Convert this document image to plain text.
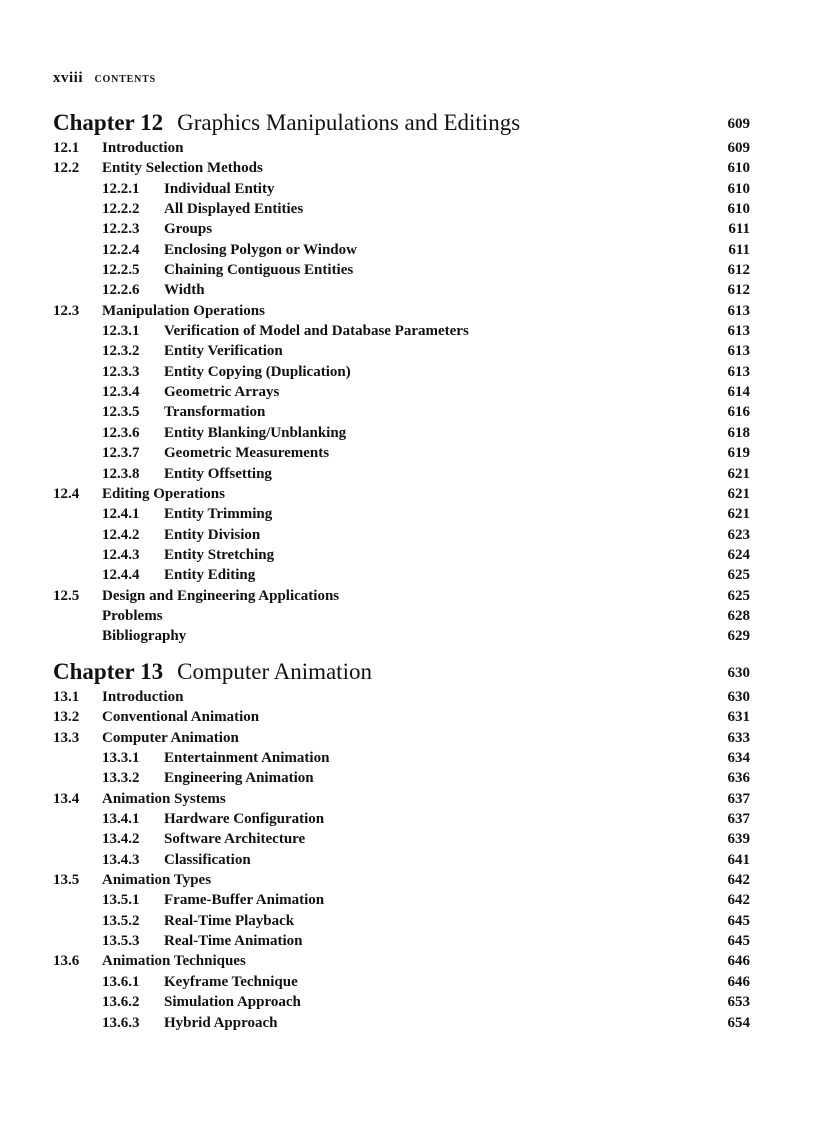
xviii CONTENTS
Chapter 12 Graphics Manipulations and Editings	609
12.1 Introduction	609
12.2 Entity Selection Methods	610
12.2.1 Individual Entity	610
12.2.2 All Displayed Entities	610
12.2.3 Groups	611
12.2.4 Enclosing Polygon or Window	611
12.2.5 Chaining Contiguous Entities	612
12.2.6 Width	612
12.3 Manipulation Operations	613
12.3.1 Verification of Model and Database Parameters	613
12.3.2 Entity Verification	613
12.3.3 Entity Copying (Duplication)	613
12.3.4 Geometric Arrays	614
12.3.5 Transformation	616
12.3.6 Entity Blanking/Unblanking	618
12.3.7 Geometric Measurements	619
12.3.8 Entity Offsetting	621
12.4 Editing Operations	621
12.4.1 Entity Trimming	621
12.4.2 Entity Division	623
12.4.3 Entity Stretching	624
12.4.4 Entity Editing	625
12.5 Design and Engineering Applications	625
Problems	628
Bibliography	629
Chapter 13 Computer Animation	630
13.1 Introduction	630
13.2 Conventional Animation	631
13.3 Computer Animation	633
13.3.1 Entertainment Animation	634
13.3.2 Engineering Animation	636
13.4 Animation Systems	637
13.4.1 Hardware Configuration	637
13.4.2 Software Architecture	639
13.4.3 Classification	641
13.5 Animation Types	642
13.5.1 Frame-Buffer Animation	642
13.5.2 Real-Time Playback	645
13.5.3 Real-Time Animation	645
13.6 Animation Techniques	646
13.6.1 Keyframe Technique	646
13.6.2 Simulation Approach	653
13.6.3 Hybrid Approach	654
